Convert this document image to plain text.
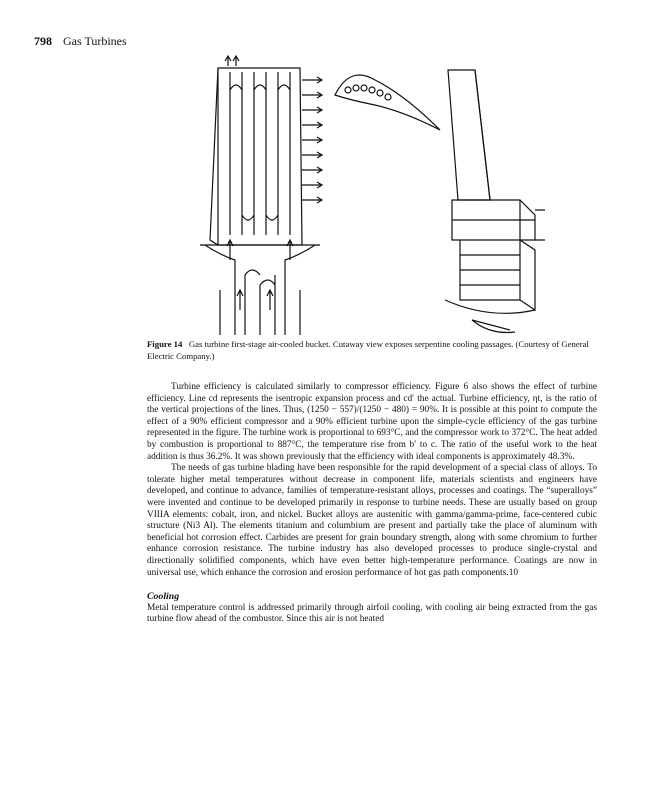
798 Gas Turbines
Figure 14 Gas turbine first-stage air-cooled bucket. Cutaway view exposes serpentine cooling passages. (Courtesy of General Electric Company.)

Turbine efficiency is calculated similarly to compressor efficiency. Figure 6 also shows the effect of turbine efficiency. Line cd represents the isentropic expansion process and cd′ the actual. Turbine efficiency, ηt, is the ratio of the vertical projections of the lines. Thus, (1250 − 557)/(1250 − 480) = 90%. It is possible at this point to compute the effect of a 90% efficient compressor and a 90% efficient turbine upon the simple-cycle efficiency of the gas turbine represented in the figure. The turbine work is proportional to 693°C, and the compressor work to 372°C. The heat added by combustion is proportional to 887°C, the temperature rise from b′ to c. The ratio of the useful work to the heat addition is thus 36.2%. It was shown previously that the efficiency with ideal components is approximately 48.3%.

The needs of gas turbine blading have been responsible for the rapid development of a special class of alloys. To tolerate higher metal temperatures without decrease in component life, materials scientists and engineers have developed, and continue to advance, families of temperature-resistant alloys, processes and coatings. The “superalloys” were invented and continue to be developed primarily in response to turbine needs. These are usually based on group VIIIA elements: cobalt, iron, and nickel. Bucket alloys are austenitic with gamma/gamma-prime, face-centered cubic structure (Ni3 Al). The elements titanium and columbium are present and partially take the place of aluminum with beneficial hot corrosion effect. Carbides are present for grain boundary strength, along with some chromium to further enhance corrosion resistance. The turbine industry has also developed processes to produce single-crystal and directionally solidified components, which have even better high-temperature performance. Coatings are now in universal use, which enhance the corrosion and erosion performance of hot gas path components.10

Cooling

Metal temperature control is addressed primarily through airfoil cooling, with cooling air being extracted from the gas turbine flow ahead of the combustor. Since this air is not heated
